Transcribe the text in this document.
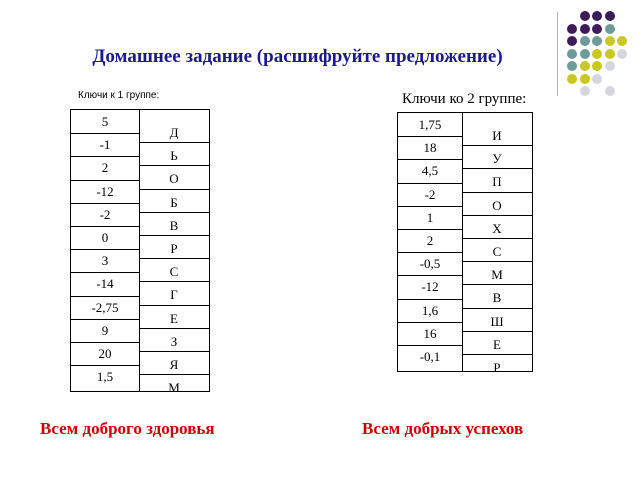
Домашнее задание (расшифруйте предложение)
Ключи к 1 группе:	Ключи ко 2 группе:
5
Д
-1
Ь
2
О
-12
Б
-2
В
0
Р
3
С
-14
Г
-2,75
Е
9
З
20
Я
1,5
М
1,75
И
18
У
4,5
П
-2
О
1
Х
2
С
-0,5
М
-12
В
1,6
Ш
16
Е
-0,1
Р
Всем доброго здоровья	Всем добрых успехов
